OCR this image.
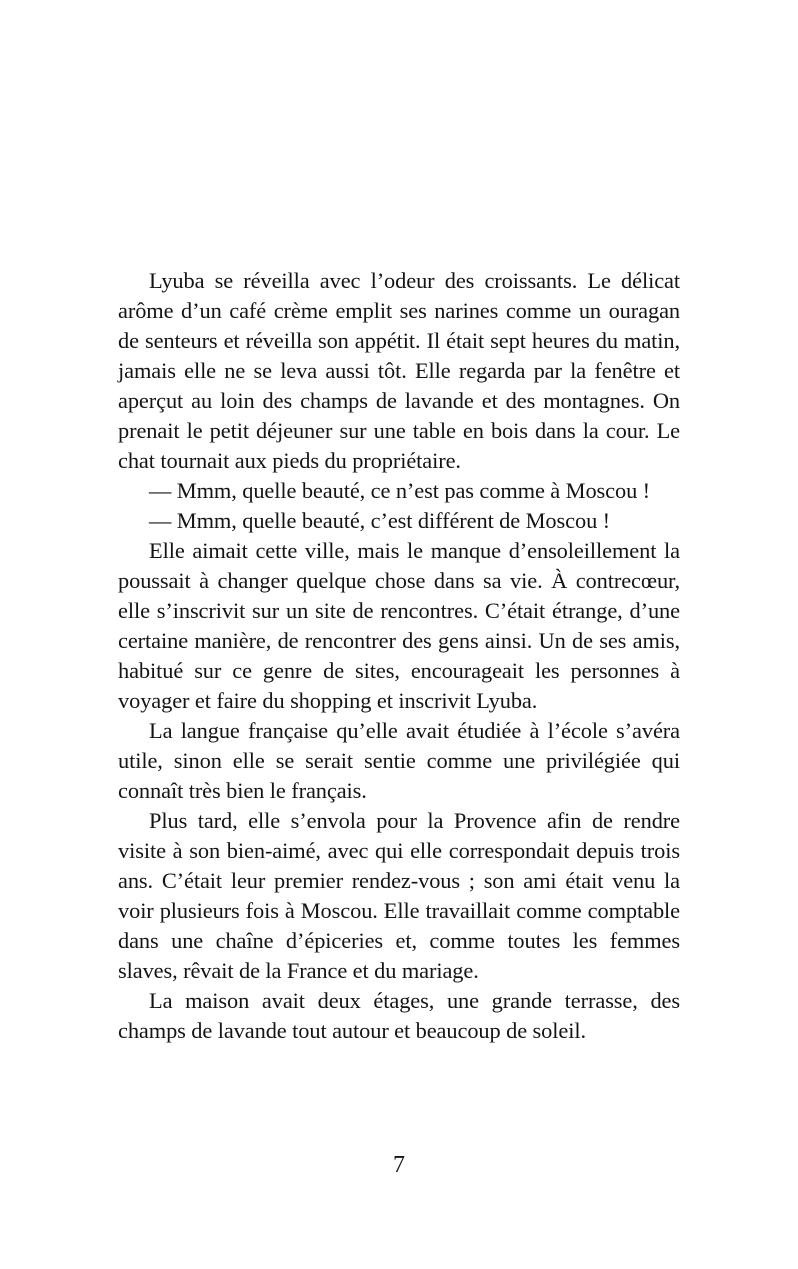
Lyuba se réveilla avec l’odeur des croissants. Le délicat arôme d’un café crème emplit ses narines comme un ouragan de senteurs et réveilla son appétit. Il était sept heures du matin, jamais elle ne se leva aussi tôt. Elle regarda par la fenêtre et aperçut au loin des champs de lavande et des montagnes. On prenait le petit déjeuner sur une table en bois dans la cour. Le chat tournait aux pieds du propriétaire.

— Mmm, quelle beauté, ce n’est pas comme à Moscou !

— Mmm, quelle beauté, c’est différent de Moscou !

Elle aimait cette ville, mais le manque d’ensoleillement la poussait à changer quelque chose dans sa vie. À contrecœur, elle s’inscrivit sur un site de rencontres. C’était étrange, d’une certaine manière, de rencontrer des gens ainsi. Un de ses amis, habitué sur ce genre de sites, encourageait les personnes à voyager et faire du shopping et inscrivit Lyuba.

La langue française qu’elle avait étudiée à l’école s’avéra utile, sinon elle se serait sentie comme une privilégiée qui connaît très bien le français.

Plus tard, elle s’envola pour la Provence afin de rendre visite à son bien-aimé, avec qui elle correspondait depuis trois ans. C’était leur premier rendez-vous ; son ami était venu la voir plusieurs fois à Moscou. Elle travaillait comme comptable dans une chaîne d’épiceries et, comme toutes les femmes slaves, rêvait de la France et du mariage.

La maison avait deux étages, une grande terrasse, des champs de lavande tout autour et beaucoup de soleil.

7
